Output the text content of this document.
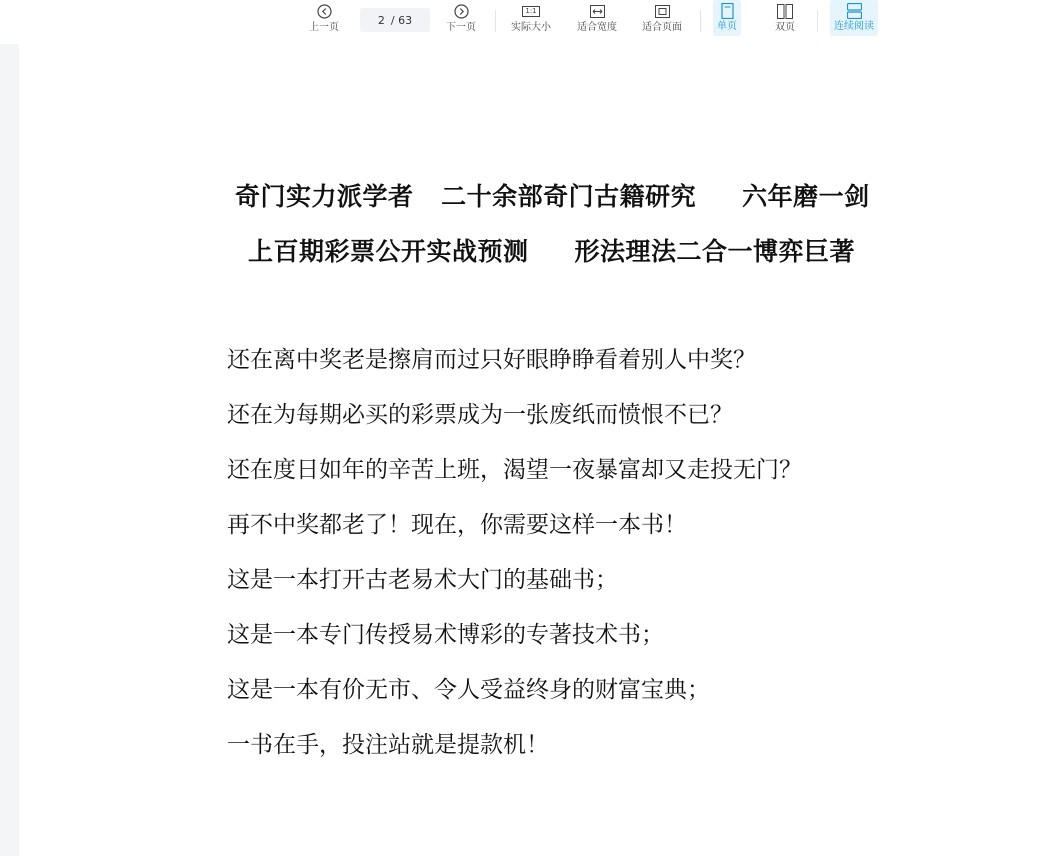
上一页
2 / 63
下一页
1:1
实际大小	适合宽度	适合页面	单页	双页	连续阅读
奇门实力派学者   二十余部奇门古籍研究     六年磨一剑
上百期彩票公开实战预测     形法理法二合一博弈巨著
还在离中奖老是擦肩而过只好眼睁睁看着别人中奖？
还在为每期必买的彩票成为一张废纸而愤恨不已？
还在度日如年的辛苦上班，渴望一夜暴富却又走投无门？
再不中奖都老了！现在，你需要这样一本书！
这是一本打开古老易术大门的基础书；
这是一本专门传授易术博彩的专著技术书；
这是一本有价无市、令人受益终身的财富宝典；
一书在手，投注站就是提款机！
